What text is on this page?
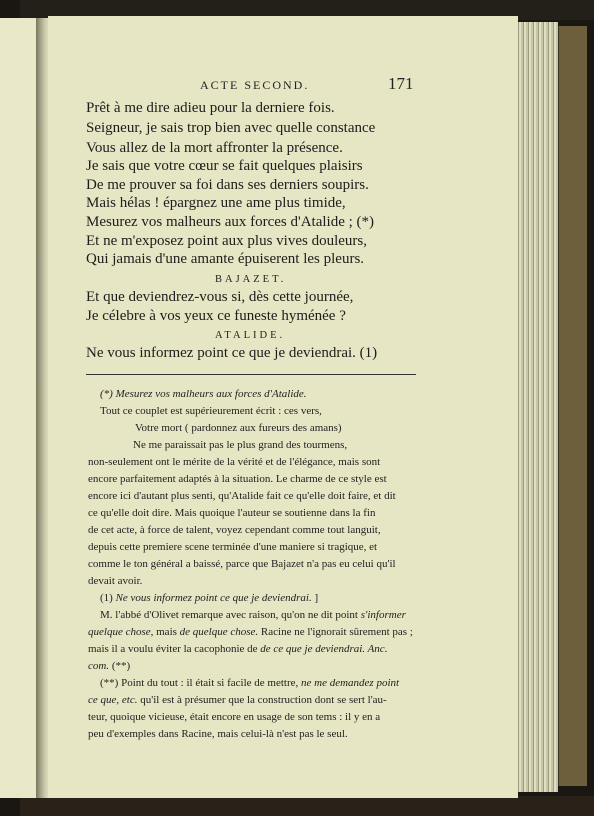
ACTE SECOND.	171
Prêt à me dire adieu pour la derniere fois.
Seigneur, je sais trop bien avec quelle constance
Vous allez de la mort affronter la présence.
Je sais que votre cœur se fait quelques plaisirs
De me prouver sa foi dans ses derniers soupirs.
Mais hélas ! épargnez une ame plus timide,
Mesurez vos malheurs aux forces d'Atalide ; (*)
Et ne m'exposez point aux plus vives douleurs,
Qui jamais d'une amante épuiserent les pleurs.
BAJAZET.
Et que deviendrez-vous si, dès cette journée,
Je célebre à vos yeux ce funeste hyménée ?
ATALIDE.
Ne vous informez point ce que je deviendrai. (1)
(*) Mesurez vos malheurs aux forces d'Atalide.
Tout ce couplet est supérieurement écrit : ces vers,
Votre mort ( pardonnez aux fureurs des amans)
Ne me paraissait pas le plus grand des tourmens,
non-seulement ont le mérite de la vérité et de l'élégance, mais sont
encore parfaitement adaptés à la situation. Le charme de ce style est
encore ici d'autant plus senti, qu'Atalide fait ce qu'elle doit faire, et dit
ce qu'elle doit dire. Mais quoique l'auteur se soutienne dans la fin
de cet acte, à force de talent, voyez cependant comme tout languit,
depuis cette premiere scene terminée d'une maniere si tragique, et
comme le ton général a baissé, parce que Bajazet n'a pas eu celui qu'il
devait avoir.
(1) Ne vous informez point ce que je deviendrai. ]
M. l'abbé d'Olivet remarque avec raison, qu'on ne dit point s'informer
quelque chose, mais de quelque chose. Racine ne l'ignorait sûrement pas ;
mais il a voulu éviter la cacophonie de de ce que je deviendrai. Anc.
com. (**)
(**) Point du tout : il était si facile de mettre, ne me demandez point
ce que, etc. qu'il est à présumer que la construction dont se sert l'au-
teur, quoique vicieuse, était encore en usage de son tems : il y en a
peu d'exemples dans Racine, mais celui-là n'est pas le seul.
